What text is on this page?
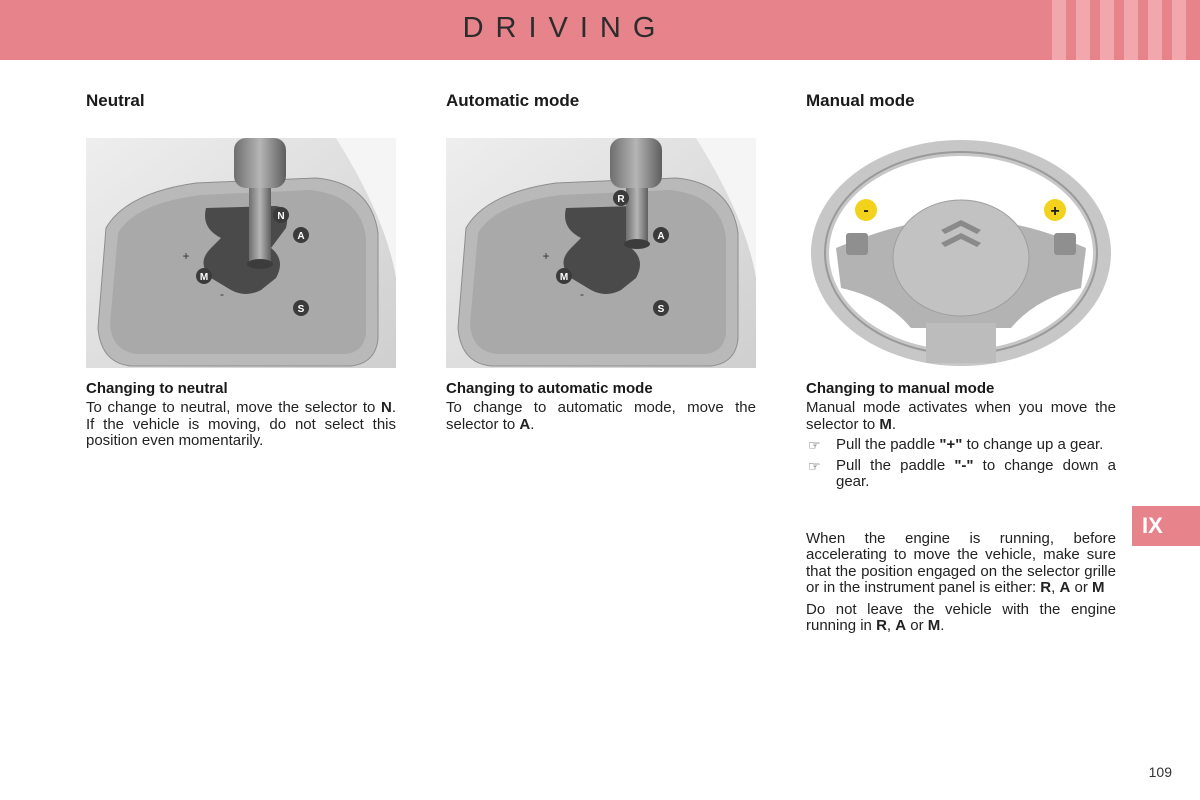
DRIVING
Neutral
N
A
M
S
+
-
Changing to neutral

To change to neutral, move the selector to N. If the vehicle is moving, do not select this position even momentarily.

Automatic mode
R
A
M
S
+
-
Changing to automatic mode

To change to automatic mode, move the selector to A.

Manual mode
-	+
Changing to manual mode

Manual mode activates when you move the selector to M.

☞ Pull the paddle "+" to change up a gear.
☞ Pull the paddle "-" to change down a gear.

When the engine is running, before accelerating to move the vehicle, make sure that the position engaged on the selector grille or in the instrument panel is either: R, A or M

Do not leave the vehicle with the engine running in R, A or M.

IX
109
